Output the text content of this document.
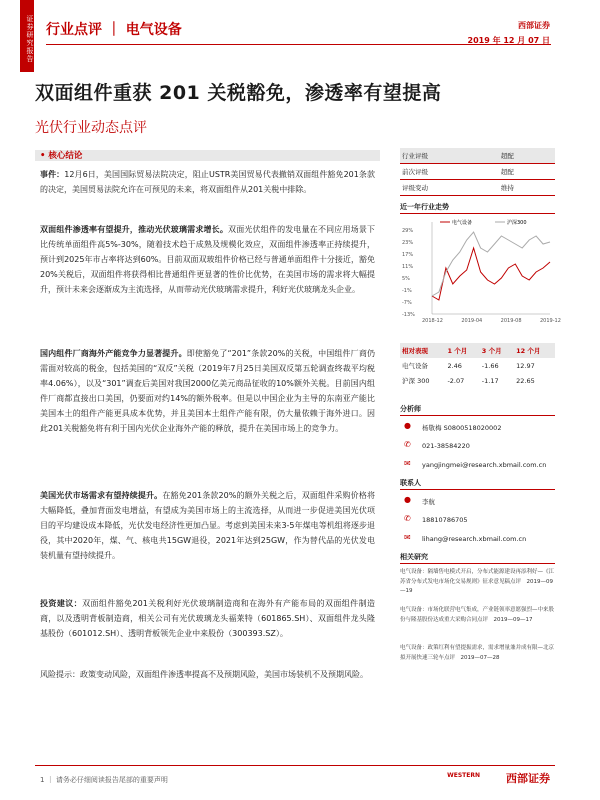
证券研究报告 行业点评 ｜ 电气设备	西部证券
2019 年 12 月 07 日
双面组件重获 201 关税豁免，渗透率有望提高
光伏行业动态点评
• 核心结论
事件：12月6日，美国国际贸易法院决定，阻止USTR美国贸易代表撤销双面组件豁免201条款的决定，美国贸易法院允许在可预见的未来，将双面组件从201关税中排除。
双面组件渗透率有望提升，推动光伏玻璃需求增长。双面光伏组件的发电量在不同应用场景下比传统单面组件高5%-30%，随着技术趋于成熟及规模化效应，双面组件渗透率正持续提升，预计到2025年市占率将达到60%。目前双面双玻组件价格已经与普通单面组件十分接近，豁免20%关税后，双面组件将获得相比普通组件更显著的性价比优势，在美国市场的需求将大幅提升，预计未来会逐渐成为主流选择，从而带动光伏玻璃需求提升，利好光伏玻璃龙头企业。
国内组件厂商海外产能竞争力显著提升。即使豁免了“201”条款20%的关税，中国组件厂商仍需面对较高的税金，包括美国的“双反”关税（2019年7月25日美国双反第五轮调查终裁平均税率4.06%），以及“301”调查后美国对我国2000亿美元商品征收的10%额外关税。目前国内组件厂商都直接出口美国，仍要面对约14%的额外税率。但是以中国企业为主导的东南亚产能比美国本土的组件产能更具成本优势，并且美国本土组件产能有限，仍大量依赖于海外进口。因此201关税豁免将有利于国内光伏企业海外产能的释放，提升在美国市场上的竞争力。
美国光伏市场需求有望持续提升。在豁免201条款20%的额外关税之后，双面组件采购价格将大幅降低，叠加背面发电增益，有望成为美国市场上的主流选择，从而进一步促进美国光伏项目的平均建设成本降低，光伏发电经济性更加凸显。考虑到美国未来3-5年煤电等机组将逐步退役，其中2020年，煤、气、核电共15GW退役，2021年达到25GW，作为替代品的光伏发电装机量有望持续提升。
投资建议：双面组件豁免201关税利好光伏玻璃制造商和在海外有产能布局的双面组件制造商，以及透明背板制造商，相关公司有光伏玻璃龙头福莱特（601865.SH）、双面组件龙头隆基股份（601012.SH）、透明背板领先企业中来股份（300393.SZ）。
风险提示：政策变动风险，双面组件渗透率提高不及预期风险，美国市场装机不及预期风险。
行业评级	超配
前次评级	超配
评级变动	维持
近一年行业走势
29%
23%
17%
11%
5%
-1%
-7%
-13%
2018-12	2019-04	2019-08	2019-12
电气设备	沪深300
相对表现	1 个月	3 个月	12 个月
电气设备	2.46	-1.66	12.97
沪深 300	-2.07	-1.17	22.65
分析师
● 杨敬梅 S0800518020002
✆ 021-38584220
✉ yangjingmei@research.xbmail.com.cn
联系人
● 李航
✆ 18810786705
✉ lihang@research.xbmail.com.cn
相关研究
电气设备：隔墙售电模式开启，分布式能源建设再添利好—《江苏省分布式发电市场化交易规则》征求意见稿点评　2019—09—19
电气设备：市场化联营电气集成，产业链领率意愿强烈—中来股份与隆基股份达成重大采购合同点评　2019—09—17
电气设备：政策红利有望提振需求，需求增量兼并成有限—北京拟开展快速三轮车点评　2019—07—28
1 ｜ 请务必仔细阅读报告尾部的重要声明
WESTERN 西部证券
